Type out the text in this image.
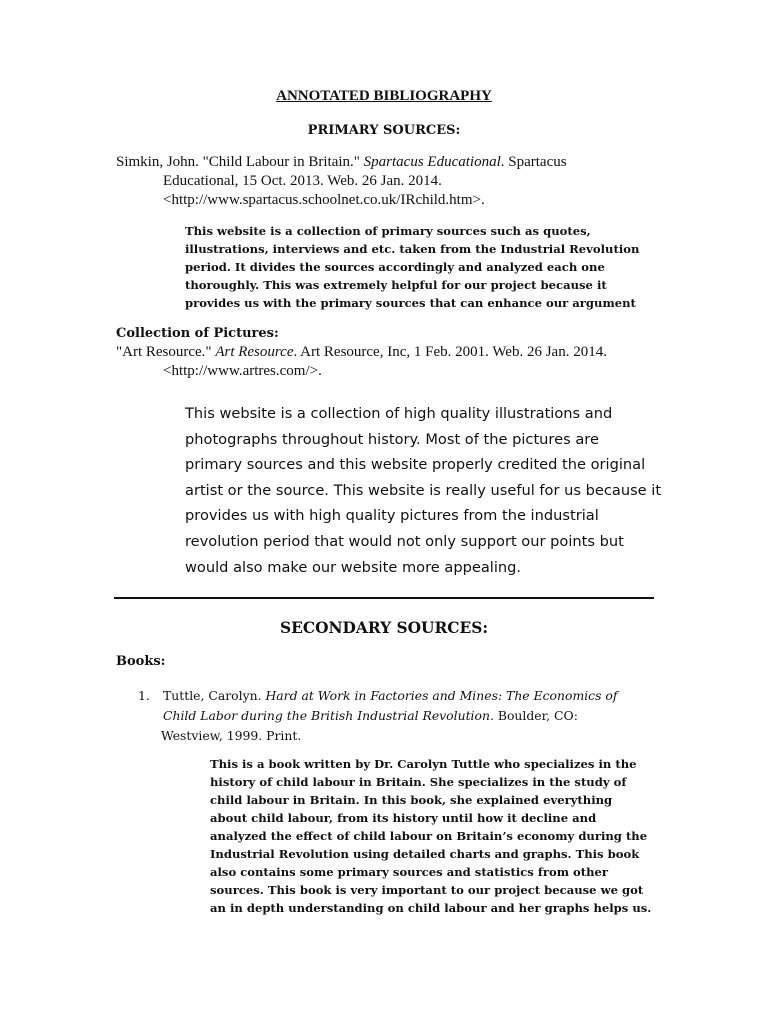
ANNOTATED BIBLIOGRAPHY
PRIMARY SOURCES:
Simkin, John. "Child Labour in Britain." Spartacus Educational. Spartacus
Educational, 15 Oct. 2013. Web. 26 Jan. 2014.
<http://www.spartacus.schoolnet.co.uk/IRchild.htm>.
This website is a collection of primary sources such as quotes,
illustrations, interviews and etc. taken from the Industrial Revolution
period. It divides the sources accordingly and analyzed each one
thoroughly. This was extremely helpful for our project because it
provides us with the primary sources that can enhance our argument
Collection of Pictures:
"Art Resource." Art Resource. Art Resource, Inc, 1 Feb. 2001. Web. 26 Jan. 2014.
<http://www.artres.com/>.
This website is a collection of high quality illustrations and
photographs throughout history. Most of the pictures are
primary sources and this website properly credited the original
artist or the source. This website is really useful for us because it
provides us with high quality pictures from the industrial
revolution period that would not only support our points but
would also make our website more appealing.
SECONDARY SOURCES:
Books:
1. Tuttle, Carolyn. Hard at Work in Factories and Mines: The Economics of
Child Labor during the British Industrial Revolution. Boulder, CO:
Westview, 1999. Print.
This is a book written by Dr. Carolyn Tuttle who specializes in the
history of child labour in Britain. She specializes in the study of
child labour in Britain. In this book, she explained everything
about child labour, from its history until how it decline and
analyzed the effect of child labour on Britain’s economy during the
Industrial Revolution using detailed charts and graphs. This book
also contains some primary sources and statistics from other
sources. This book is very important to our project because we got
an in depth understanding on child labour and her graphs helps us.
